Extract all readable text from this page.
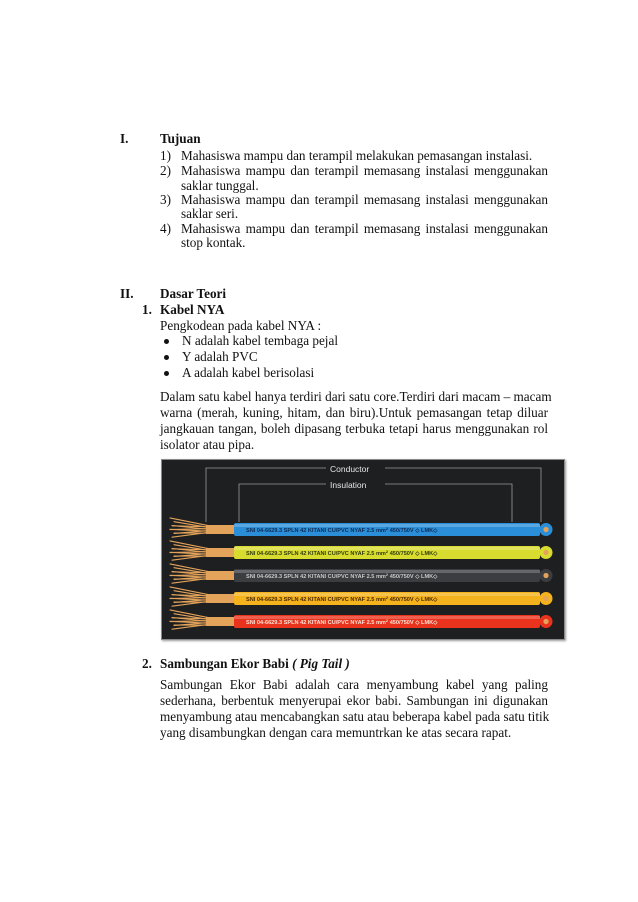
I. Tujuan
1) Mahasiswa mampu dan terampil melakukan pemasangan instalasi.
2) Mahasiswa mampu dan terampil memasang instalasi menggunakan
saklar tunggal.
3) Mahasiswa mampu dan terampil memasang instalasi menggunakan
saklar seri.
4) Mahasiswa mampu dan terampil memasang instalasi menggunakan
stop kontak.
II. Dasar Teori
1. Kabel NYA
Pengkodean pada kabel NYA :
N adalah kabel tembaga pejal
Y adalah PVC
A adalah kabel berisolasi
Dalam satu kabel hanya terdiri dari satu core.Terdiri dari macam – macam
warna (merah, kuning, hitam, dan biru).Untuk pemasangan tetap diluar
jangkauan tangan, boleh dipasang terbuka tetapi harus menggunakan rol
isolator atau pipa.
Conductor
Insulation
SNI 04-6629.3 SPLN 42 KITANI CU/PVC NYAF 2.5 $mm^2$ 450/750V ◇ LMK◇
SNI 04-6629.3 SPLN 42 KITANI CU/PVC NYAF 2.5 $mm^2$ 450/750V ◇ LMK◇
SNI 04-6629.3 SPLN 42 KITANI CU/PVC NYAF 2.5 $mm^2$ 450/750V ◇ LMK◇
SNI 04-6629.3 SPLN 42 KITANI CU/PVC NYAF 2.5 $mm^2$ 450/750V ◇ LMK◇
SNI 04-6629.3 SPLN 42 KITANI CU/PVC NYAF 2.5 $mm^2$ 450/750V ◇ LMK◇
2. Sambungan Ekor Babi ( Pig Tail )
Sambungan Ekor Babi adalah cara menyambung kabel yang paling
sederhana, berbentuk menyerupai ekor babi. Sambungan ini digunakan
menyambung atau mencabangkan satu atau beberapa kabel pada satu titik
yang disambungkan dengan cara memuntrkan ke atas secara rapat.
